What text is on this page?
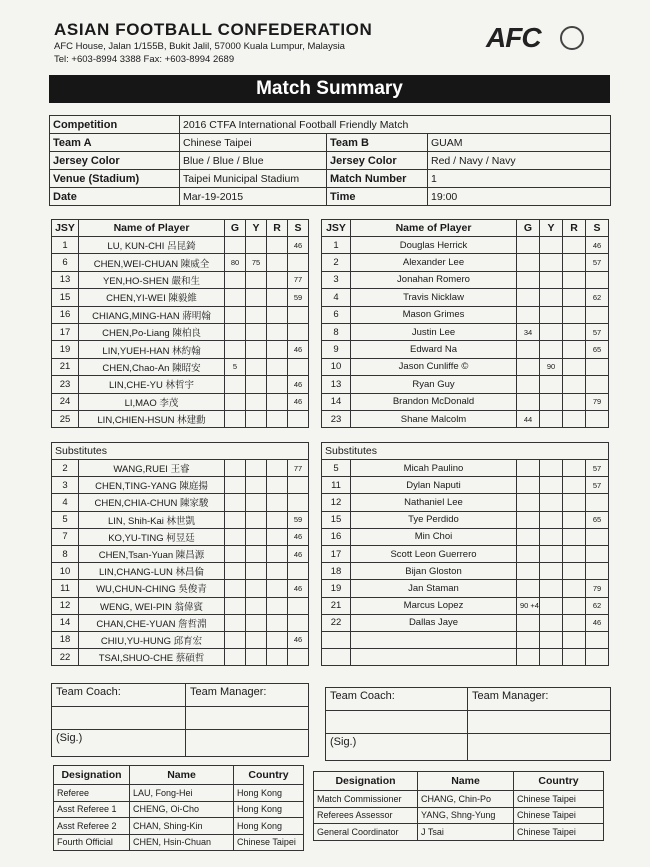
ASIAN FOOTBALL CONFEDERATION
AFC House, Jalan 1/155B, Bukit Jalil, 57000 Kuala Lumpur, Malaysia
Tel: +603-8994 3388 Fax: +603-8994 2689
AFC
Match Summary
Competition	2016 CTFA International Football Friendly Match		
Team A	Chinese Taipei	Team B	GUAM
Jersey Color	Blue / Blue / Blue	Jersey Color	Red / Navy / Navy
Venue (Stadium)	Taipei Municipal Stadium	Match Number	1
Date	Mar-19-2015	Time	19:00
JSY	Name of Player	G	Y	R	S
1	LU, KUN-CHI 呂昆錡				46
6	CHEN,WEI-CHUAN 陳威全	80	75		
13	YEN,HO-SHEN 嚴和生				77
15	CHEN,YI-WEI 陳毅維				59
16	CHIANG,MING-HAN 蔣明翰				
17	CHEN,Po-Liang 陳柏良				
19	LIN,YUEH-HAN 林約翰				46
21	CHEN,Chao-An 陳昭安	5			
23	LIN,CHE-YU 林哲宇				46
24	LI,MAO 李茂				46
25	LIN,CHIEN-HSUN 林建勳				
JSY	Name of Player	G	Y	R	S
1	Douglas Herrick				46
2	Alexander Lee				57
3	Jonahan Romero				
4	Travis Nicklaw				62
6	Mason Grimes				
8	Justin Lee	34			57
9	Edward Na				65
10	Jason Cunliffe ©		90		
13	Ryan Guy				
14	Brandon McDonald				79
23	Shane Malcolm	44			
Substitutes					
2	WANG,RUEI 王睿				77
3	CHEN,TING-YANG 陳庭揚				
4	CHEN,CHIA-CHUN 陳家駿				
5	LIN, Shih-Kai 林世凱				59
7	KO,YU-TING 柯昱廷				46
8	CHEN,Tsan-Yuan 陳昌源				46
10	LIN,CHANG-LUN 林昌倫				
11	WU,CHUN-CHING 吳俊青				46
12	WENG, WEI-PIN 翁偉賓				
14	CHAN,CHE-YUAN 詹哲淵				
18	CHIU,YU-HUNG 邱育宏				46
22	TSAI,SHUO-CHE 蔡碩哲				
Substitutes					
5	Micah Paulino				57
11	Dylan Naputi				57
12	Nathaniel Lee				
15	Tye Perdido				65
16	Min Choi				
17	Scott Leon Guerrero				
18	Bijan Gloston				
19	Jan Staman				79
21	Marcus Lopez	90 +4			62
22	Dallas Jaye				46

Team Coach:	Team Manager:

(Sig.)	
Team Coach:	Team Manager:

(Sig.)	
Designation	Name	Country
Referee	LAU, Fong-Hei	Hong Kong
Asst Referee 1	CHENG, Oi-Cho	Hong Kong
Asst Referee 2	CHAN, Shing-Kin	Hong Kong
Fourth Official	CHEN, Hsin-Chuan	Chinese Taipei
Designation	Name	Country
Match Commissioner	CHANG, Chin-Po	Chinese Taipei
Referees Assessor	YANG, Shng-Yung	Chinese Taipei
General Coordinator	J Tsai	Chinese Taipei
